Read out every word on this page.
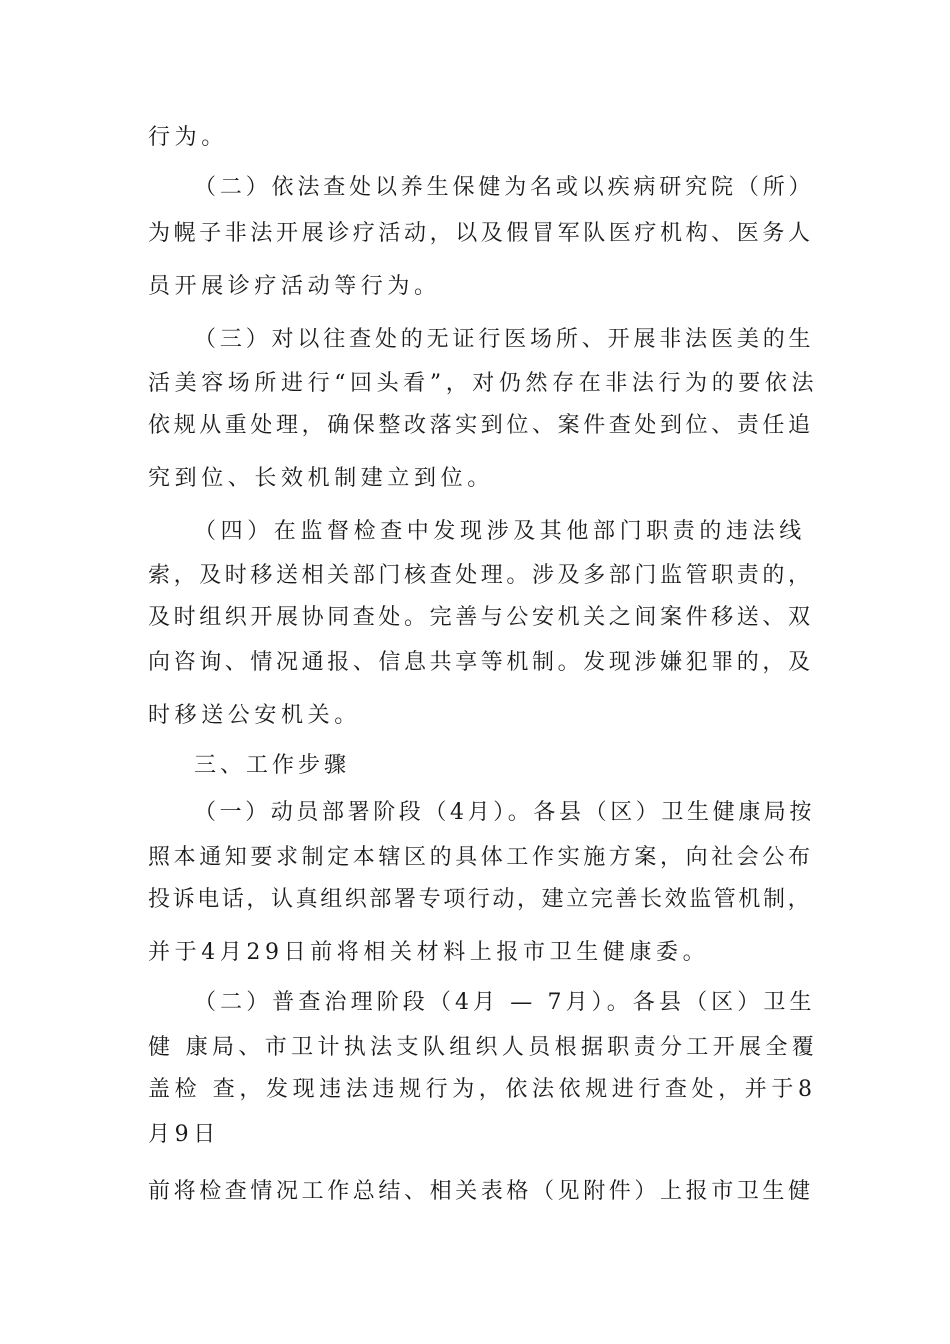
行为。
（二）依法查处以养生保健为名或以疾病研究院（所）
为幌子非法开展诊疗活动，以及假冒军队医疗机构、医务人
员开展诊疗活动等行为。
（三）对以往查处的无证行医场所、开展非法医美的生
活美容场所进行“回头看”，对仍然存在非法行为的要依法
依规从重处理，确保整改落实到位、案件查处到位、责任追
究到位、长效机制建立到位。
（四）在监督检查中发现涉及其他部门职责的违法线
索，及时移送相关部门核查处理。涉及多部门监管职责的，
及时组织开展协同查处。完善与公安机关之间案件移送、双
向咨询、情况通报、信息共享等机制。发现涉嫌犯罪的，及
时移送公安机关。
三、工作步骤
（一）动员部署阶段（4月）。各县（区）卫生健康局按
照本通知要求制定本辖区的具体工作实施方案，向社会公布
投诉电话，认真组织部署专项行动，建立完善长效监管机制，
并于4月29日前将相关材料上报市卫生健康委。
（二）普查治理阶段（4月 — 7月）。各县（区）卫生
健 康局、市卫计执法支队组织人员根据职责分工开展全覆
盖检 查，发现违法违规行为，依法依规进行查处，并于8
月9日
前将检查情况工作总结、相关表格（见附件）上报市卫生健
